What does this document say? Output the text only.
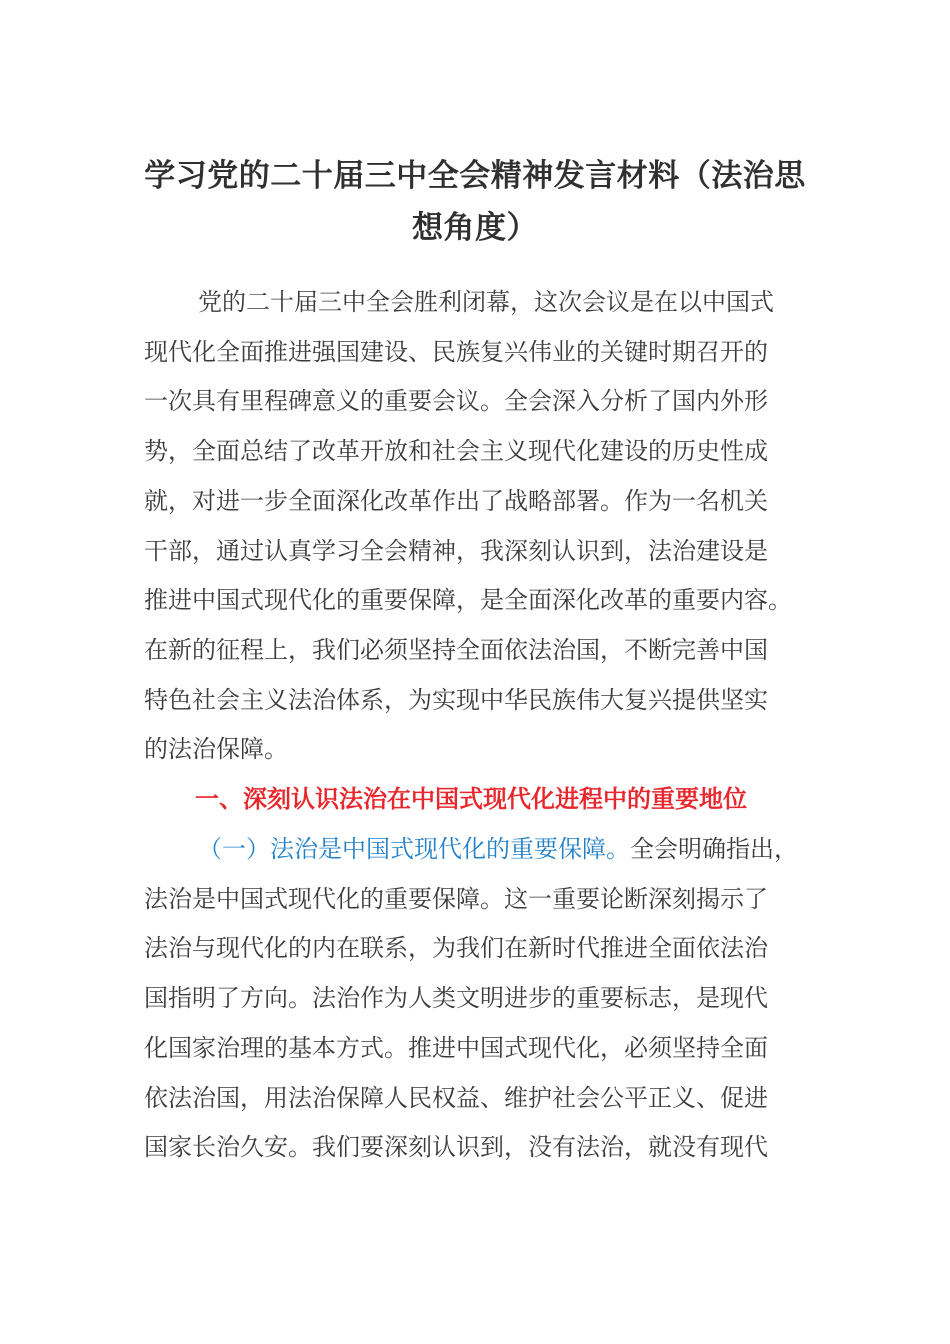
学习党的二十届三中全会精神发言材料（法治思想角度）
党的二十届三中全会胜利闭幕，这次会议是在以中国式
现代化全面推进强国建设、民族复兴伟业的关键时期召开的
一次具有里程碑意义的重要会议。全会深入分析了国内外形
势，全面总结了改革开放和社会主义现代化建设的历史性成
就，对进一步全面深化改革作出了战略部署。作为一名机关
干部，通过认真学习全会精神，我深刻认识到，法治建设是
推进中国式现代化的重要保障，是全面深化改革的重要内容。
在新的征程上，我们必须坚持全面依法治国，不断完善中国
特色社会主义法治体系，为实现中华民族伟大复兴提供坚实
的法治保障。
一、深刻认识法治在中国式现代化进程中的重要地位
（一）法治是中国式现代化的重要保障。全会明确指出，
法治是中国式现代化的重要保障。这一重要论断深刻揭示了
法治与现代化的内在联系，为我们在新时代推进全面依法治
国指明了方向。法治作为人类文明进步的重要标志，是现代
化国家治理的基本方式。推进中国式现代化，必须坚持全面
依法治国，用法治保障人民权益、维护社会公平正义、促进
国家长治久安。我们要深刻认识到，没有法治，就没有现代
